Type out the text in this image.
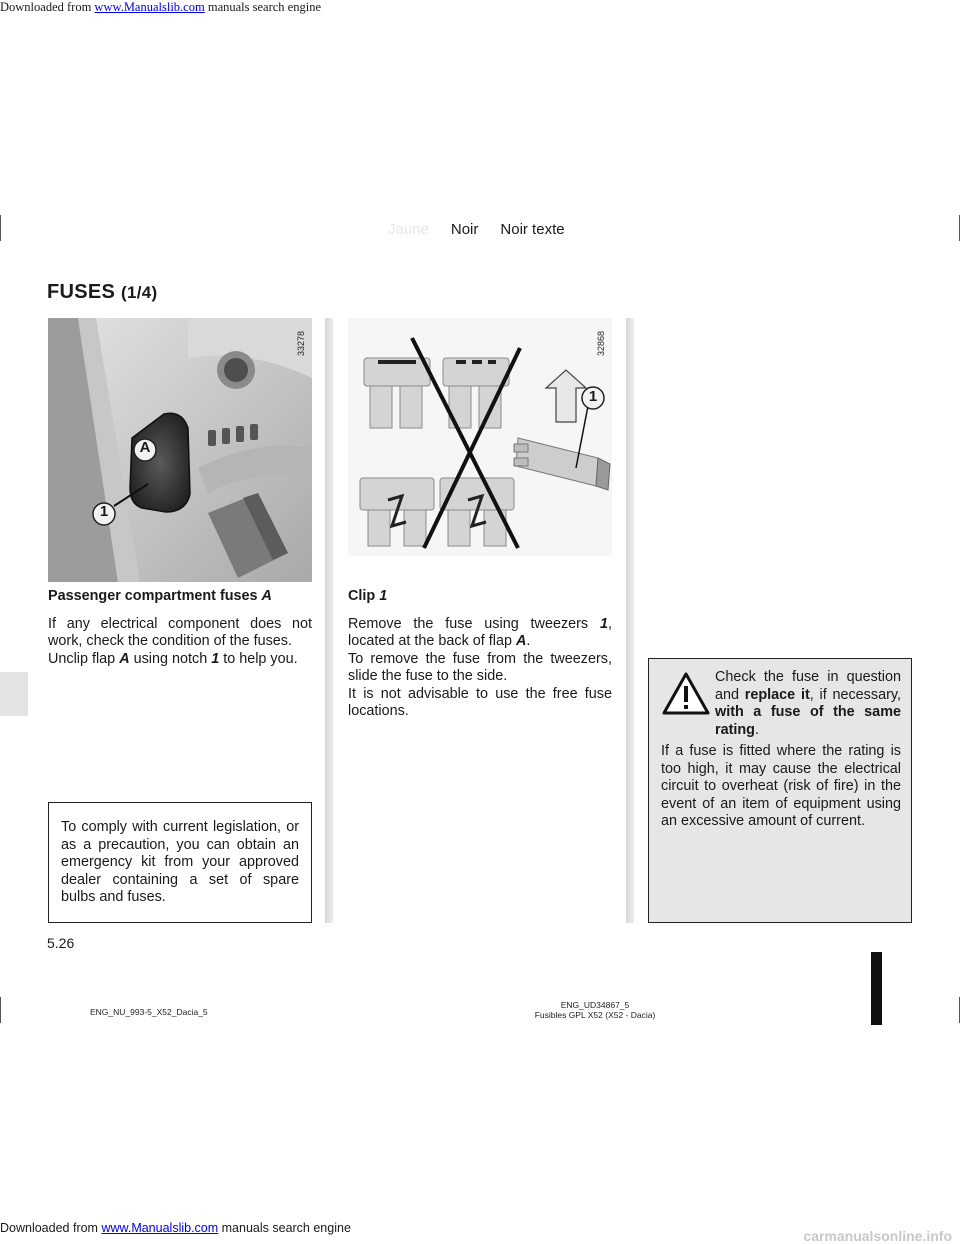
Downloaded from www.Manualslib.com manuals search engine
Jaune Noir Noir texte
FUSES (1/4)
A
1
33278
1
32868
Passenger compartment fuses A
If any electrical component does not work, check the condition of the fuses.
Unclip flap A using notch 1 to help you.
Clip 1
Remove the fuse using tweezers 1, located at the back of flap A.
To remove the fuse from the tweezers, slide the fuse to the side.
It is not advisable to use the free fuse locations.
Check the fuse in question and replace it, if necessary, with a fuse of the same rating.
If a fuse is fitted where the rating is too high, it may cause the electrical circuit to overheat (risk of fire) in the event of an item of equipment using an excessive amount of current.
To comply with current legislation, or as a precaution, you can obtain an emergency kit from your approved dealer containing a set of spare bulbs and fuses.
5.26
ENG_NU_993-5_X52_Dacia_5
ENG_UD34867_5
Fusibles GPL X52 (X52 - Dacia)
Downloaded from www.Manualslib.com manuals search engine	carmanualsonline.info
